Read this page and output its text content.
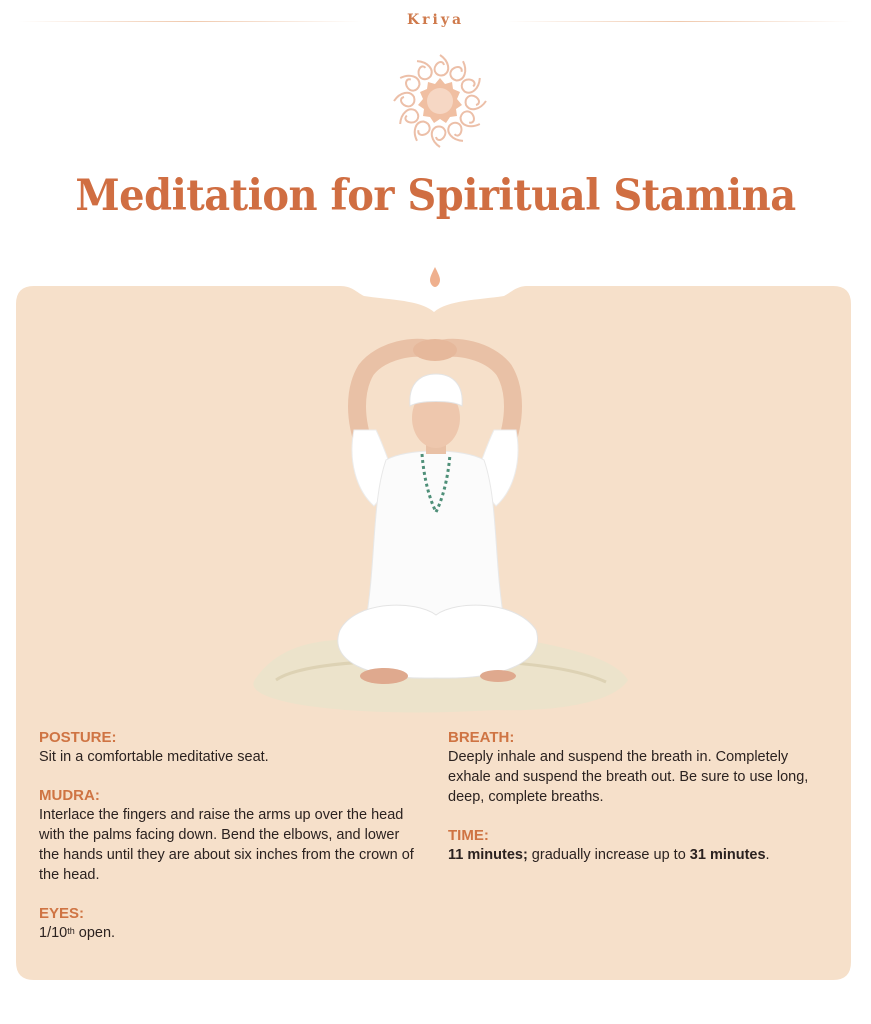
Kriya
Meditation for Spiritual Stamina
POSTURE:
Sit in a comfortable meditative seat.
MUDRA:
Interlace the fingers and raise the arms up over the head with the palms facing down. Bend the elbows, and lower the hands until they are about six inches from the crown of the head.
EYES:
1/10th open.
BREATH:
Deeply inhale and suspend the breath in. Completely exhale and suspend the breath out. Be sure to use long, deep, complete breaths.
TIME:
11 minutes; gradually increase up to 31 minutes.
